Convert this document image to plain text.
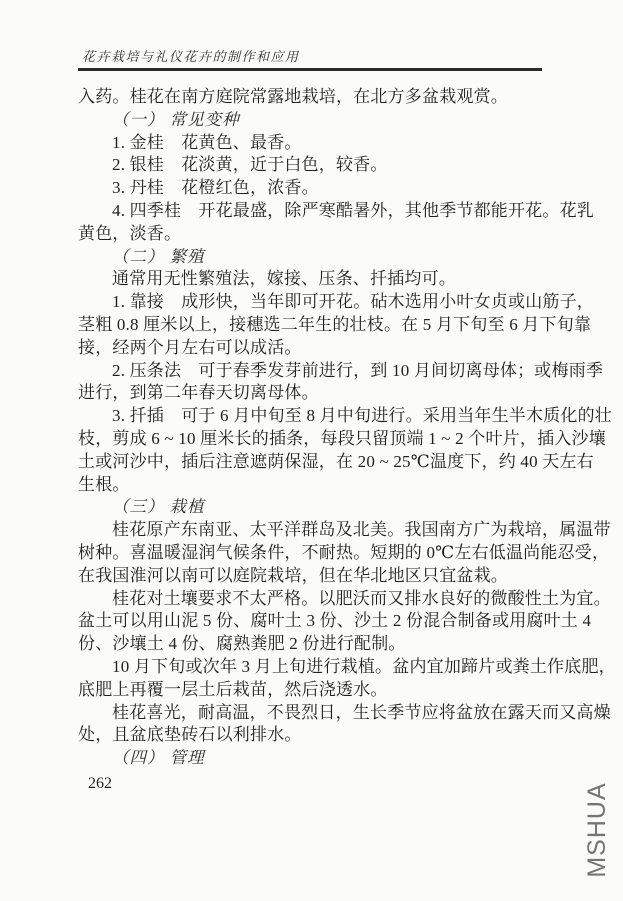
花卉栽培与礼仪花卉的制作和应用
入药。桂花在南方庭院常露地栽培，在北方多盆栽观赏。
（一） 常见变种
1. 金桂　花黄色、最香。
2. 银桂　花淡黄，近于白色，较香。
3. 丹桂　花橙红色，浓香。
4. 四季桂　开花最盛，除严寒酷暑外，其他季节都能开花。花乳
黄色，淡香。
（二） 繁殖
通常用无性繁殖法，嫁接、压条、扦插均可。
1. 靠接　成形快，当年即可开花。砧木选用小叶女贞或山筋子，
茎粗 0.8 厘米以上，接穗选二年生的壮枝。在 5 月下旬至 6 月下旬靠
接，经两个月左右可以成活。
2. 压条法　可于春季发芽前进行，到 10 月间切离母体；或梅雨季
进行，到第二年春天切离母体。
3. 扦插　可于 6 月中旬至 8 月中旬进行。采用当年生半木质化的壮
枝，剪成 6 ~ 10 厘米长的插条，每段只留顶端 1 ~ 2 个叶片，插入沙壤
土或河沙中，插后注意遮荫保湿，在 20 ~ 25℃温度下，约 40 天左右
生根。
（三） 栽植
桂花原产东南亚、太平洋群岛及北美。我国南方广为栽培，属温带
树种。喜温暖湿润气候条件，不耐热。短期的 0℃左右低温尚能忍受，
在我国淮河以南可以庭院栽培，但在华北地区只宜盆栽。
桂花对土壤要求不太严格。以肥沃而又排水良好的微酸性土为宜。
盆土可以用山泥 5 份、腐叶土 3 份、沙土 2 份混合制备或用腐叶土 4
份、沙壤土 4 份、腐熟粪肥 2 份进行配制。
10 月下旬或次年 3 月上旬进行栽植。盆内宜加蹄片或粪土作底肥，
底肥上再覆一层土后栽苗，然后浇透水。
桂花喜光，耐高温，不畏烈日，生长季节应将盆放在露天而又高燥
处，且盆底垫砖石以利排水。
（四） 管理
262	MSHUA
